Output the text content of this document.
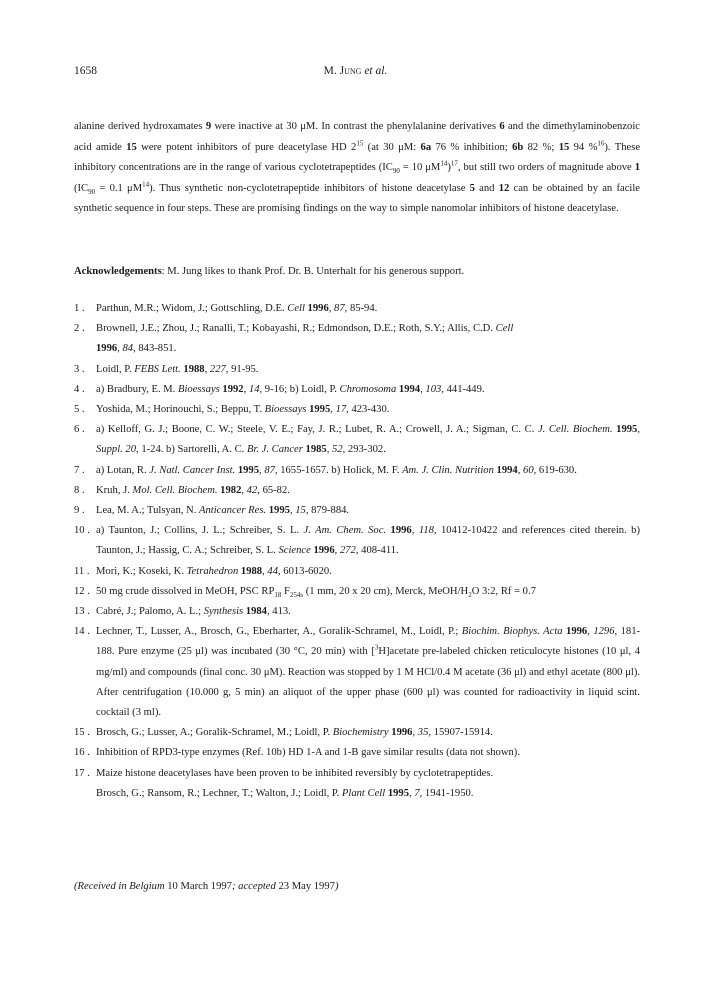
1658	M. Jung et al.
alanine derived hydroxamates 9 were inactive at 30 μM. In contrast the phenylalanine derivatives 6 and the dimethylaminobenzoic acid amide 15 were potent inhibitors of pure deacetylase HD $2^{15}$ (at 30 μM: 6a 76 % inhibition; 6b 82 %; 15 94 %$^{16}$). These inhibitory concentrations are in the range of various cyclotetrapeptides ($IC_{90} = 10$ $\mu M^{14})^{17}$, but still two orders of magnitude above 1 ($IC_{90} = 0.1$ $\mu M^{14}$). Thus synthetic non-cyclotetrapeptide inhibitors of histone deacetylase 5 and 12 can be obtained by an facile synthetic sequence in four steps. These are promising findings on the way to simple nanomolar inhibitors of histone deacetylase.
Acknowledgements: M. Jung likes to thank Prof. Dr. B. Unterhalt for his generous support.
1 . Parthun, M.R.; Widom, J.; Gottschling, D.E. Cell 1996, 87, 85-94.
2 . Brownell, J.E.; Zhou, J.; Ranalli, T.; Kobayashi, R.; Edmondson, D.E.; Roth, S.Y.; Allis, C.D. Cell
1996, 84, 843-851.
3 . Loidl, P. FEBS Lett. 1988, 227, 91-95.
4 . a) Bradbury, E. M. Bioessays 1992, 14, 9-16; b) Loidl, P. Chromosoma 1994, 103, 441-449.
5 . Yoshida, M.; Horinouchi, S.; Beppu, T. Bioessays 1995, 17, 423-430.
6 . a) Kelloff, G. J.; Boone, C. W.; Steele, V. E.; Fay, J. R.; Lubet, R. A.; Crowell, J. A.; Sigman, C. C. J. Cell. Biochem. 1995, Suppl. 20, 1-24. b) Sartorelli, A. C. Br. J. Cancer 1985, 52, 293-302.
7 . a) Lotan, R. J. Natl. Cancer Inst. 1995, 87, 1655-1657. b) Holick, M. F. Am. J. Clin. Nutrition 1994, 60, 619-630.
8 . Kruh, J. Mol. Cell. Biochem. 1982, 42, 65-82.
9 . Lea, M. A.; Tulsyan, N. Anticancer Res. 1995, 15, 879-884.
10 . a) Taunton, J.; Collins, J. L.; Schreiber, S. L. J. Am. Chem. Soc. 1996, 118, 10412-10422 and references cited therein. b) Taunton, J.; Hassig, C. A.; Schreiber, S. L. Science 1996, 272, 408-411.
11 . Mori, K.; Koseki, K. Tetrahedron 1988, 44, 6013-6020.
12 . 50 mg crude dissolved in MeOH, PSC $RP_{18}$ $F_{254s}$ (1 mm, 20 x 20 cm), Merck, MeOH/$H_2O$ 3:2, Rf = 0.7
13 . Cabré, J.; Palomo, A. L.; Synthesis 1984, 413.
14 . Lechner, T., Lusser, A., Brosch, G., Eberharter, A., Goralik-Schramel, M., Loidl, P.; Biochim. Biophys. Acta 1996, 1296, 181-188. Pure enzyme (25 μl) was incubated (30 °C, 20 min) with [$^3$H]acetate pre-labeled chicken reticulocyte histones (10 μl, 4 mg/ml) and compounds (final conc. 30 μM). Reaction was stopped by 1 M HCl/0.4 M acetate (36 μl) and ethyl acetate (800 μl). After centrifugation (10.000 g, 5 min) an aliquot of the upper phase (600 μl) was counted for radioactivity in liquid scint. cocktail (3 ml).
15 . Brosch, G.; Lusser, A.; Goralik-Schramel, M.; Loidl, P. Biochemistry 1996, 35, 15907-15914.
16 . Inhibition of RPD3-type enzymes (Ref. 10b) HD 1-A and 1-B gave similar results (data not shown).
17 . Maize histone deacetylases have been proven to be inhibited reversibly by cyclotetrapeptides.
Brosch, G.; Ransom, R.; Lechner, T.; Walton, J.; Loidl, P. Plant Cell 1995, 7, 1941-1950.
(Received in Belgium 10 March 1997; accepted 23 May 1997)
